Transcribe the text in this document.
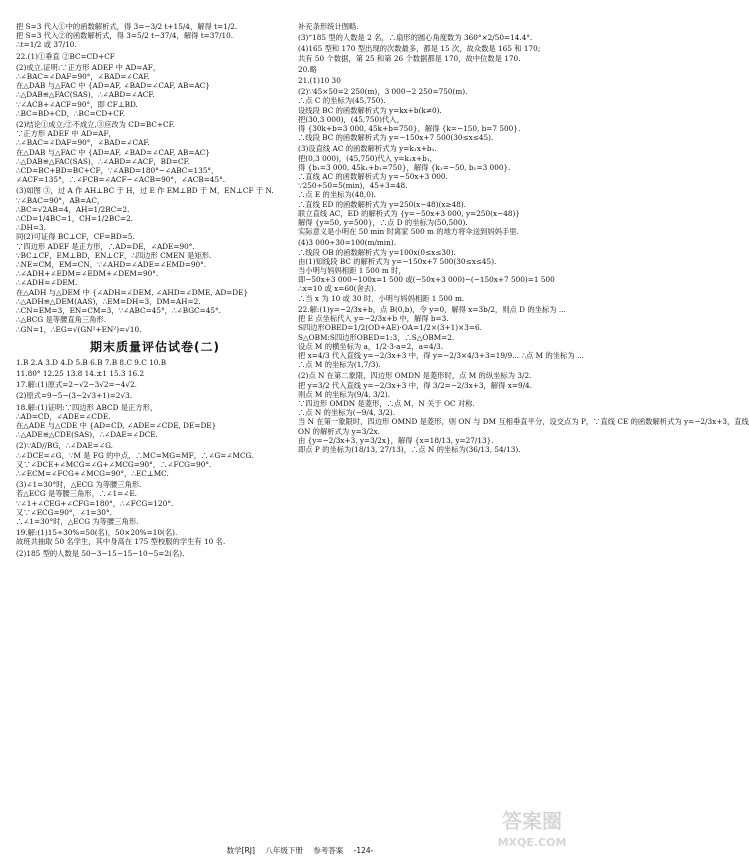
把 S=3 代入①中的函数解析式，得 3=−3/2 t+15/4，解得 t=1/2.
把 S=3 代入②的函数解析式，得 3=5/2 t−37/4，解得 t=37/10.
∴t=1/2 或 37/10.
22.(1)①垂直 ②BC=CD+CF
(2)成立.证明:∵正方形 ADEF 中 AD=AF，
∴∠BAC=∠DAF=90°，∠BAD=∠CAF.
在△DAB 与△FAC 中 {AD=AF, ∠BAD=∠CAF, AB=AC}
∴△DAB≌△FAC(SAS)，∴∠ABD=∠ACF.
∵∠ACB+∠ACF=90°，即 CF⊥BD.
∴BC=BD+CD，∴BC=CD+CF.
(2)结论①成立;②不成立,③应改为 CD=BC+CF.
∵正方形 ADEF 中 AD=AF，
∴∠BAC=∠DAF=90°，∠BAD=∠CAF.
在△DAB 与△FAC 中 {AD=AF, ∠BAD=∠CAF, AB=AC}
∴△DAB≌△FAC(SAS)，∴∠ABD=∠ACF，BD=CF.
∴CD=BC+BD=BC+CF，∵∠ABD=180°−∠ABC=135°，
∠ACF=135°，∴∠FCB=∠ACF−∠ACB=90°，∠ACB=45°.
(3)如图 ③，过 A 作 AH⊥BC 于 H，过 E 作 EM⊥BD 于 M，EN⊥CF 于 N.
∵∠BAC=90°，AB=AC，
∴BC=√2AB=4，AH=1/2BC=2.
∴CD=1/4BC=1，CH=1/2BC=2.
∴DH=3.
同(2)可证得 BC⊥CF，CF=BD=5.
∵四边形 ADEF 是正方形，∴AD=DE，∠ADE=90°.
∵BC⊥CF，EM⊥BD，EN⊥CF，∴四边形 CMEN 是矩形.
∴NE=CM，EM=CN，∵∠AHD=∠ADE=∠EMD=90°.
∴∠ADH+∠EDM=∠EDM+∠DEM=90°.
∴∠ADH=∠DEM.
在△ADH 与△DEM 中 {∠ADH=∠DEM, ∠AHD=∠DME, AD=DE}
∴△ADH≌△DEM(AAS)，∴EM=DH=3，DM=AH=2.
∴CN=EM=3，EN=CM=3，∵∠ABC=45°，∴∠BGC=45°.
∴△BCG 是等腰直角三角形.
∴GN=1，∴EG=√(GN²+EN²)=√10.
期末质量评估试卷(二)
1.B 2.A 3.D 4.D 5.B 6.B 7.B 8.C 9.C 10.B
11.80° 12.25 13.8 14.±1 15.3 16.2
17.解:(1)原式=2−√2−3√2=−4√2.
(2)原式=9−5−(3−2√3+1)=2√3.
18.解:(1)证明:∵四边形 ABCD 是正方形，
∴AD=CD，∠ADE=∠CDE.
在△ADE 与△CDE 中 {AD=CD, ∠ADE=∠CDE, DE=DE}
∴△ADE≌△CDE(SAS)，∴∠DAE=∠DCE.
(2)∵AD//BG，∴∠DAE=∠G.
∴∠DCE=∠G，∵M 是 FG 的中点，∴MC=MG=MF，∴∠G=∠MCG.
又∵∠DCE+∠MCG=∠G+∠MCG=90°，∴∠FCG=90°.
∴∠ECM=∠FCG+∠MCG=90°，∴EC⊥MC.
(3)∠1=30°时，△ECG 为等腰三角形.
若△ECG 是等腰三角形，∴∠1=∠E.
∵∠1+∠CEG+∠CFG=180°，∴∠FCG=120°.
又∵∠ECG=90°，∠1=30°.
∴∠1=30°时，△ECG 为等腰三角形.
19.解:(1)15÷30%=50(名)，50×20%=10(名).
故班共抽取 50 名学生，其中身高在 175 型校服的学生有 10 名.
(2)185 型的人数是 50−3−15−15−10−5=2(名).
补充条形统计图略.
(3)“185 型的人数是 2 名，∴扇形的圆心角度数为 360°×2/50=14.4°.
(4)165 型和 170 型出现的次数最多，都是 15 次，故众数是 165 和 170;
共有 50 个数据，第 25 和第 26 个数据都是 170，故中位数是 170.
20.略
21.(1)10 30
(2)∵45×50=2 250(m)，3 000−2 250=750(m).
∴点 C 的坐标为(45,750).
设线段 BC 的函数解析式为 y=kx+b(k≠0).
把(30,3 000)，(45,750)代入，
得 {30k+b=3 000, 45k+b=750}，解得 {k=−150, b=7 500}.
∴线段 BC 的函数解析式为 y=−150x+7 500(30≤x≤45).
(3)设直线 AC 的函数解析式为 y=k₁x+b₁.
把(0,3 000)，(45,750)代入 y=k₁x+b₁，
得 {b₁=3 000, 45k₁+b₁=750}，解得 {k₁=−50, b₁=3 000}.
∴直线 AC 的函数解析式为 y=−50x+3 000.
∵250÷50=5(min)，45+3=48.
∴点 E 的坐标为(48,0).
∴直线 ED 的函数解析式为 y=250(x−48)(x≥48).
联立直线 AC，ED 的解析式为 {y=−50x+3 000, y=250(x−48)}
解得 {y=50, y=500}，∴点 D 的坐标为(50,500).
实际意义是小明在 50 min 时离家 500 m 的地方将伞送到妈妈手里.
(4)3 000÷30=100(m/min).
∴线段 OB 的函数解析式为 y=100x(0≤x≤30).
由(1)知线段 BC 的解析式为 y=−150x+7 500(30≤x≤45).
当小明与妈妈相距 1 500 m 时，
即−50x+3 000−100x=1 500 或(−50x+3 000)−(−150x+7 500)=1 500
∴x=10 或 x=60(舍去).
∴当 x 为 10 或 30 时，小明与妈妈相距 1 500 m.
22.解:(1)y=−2/3x+b，点 B(0,b)，令 y=0，解得 x=3b/2，则点 D 的坐标为 ...
把 E 点坐标代入 y=−2/3x+b 中，解得 b=3.
S四边形OBED=1/2(OD+AE)·OA=1/2×(3+1)×3=6.
S△OBM:S四边形OBED=1:3，∴S△OBM=2.
设点 M 的横坐标为 a，1/2·3·a=2，a=4/3.
把 x=4/3 代入直线 y=−2/3x+3 中，得 y=−2/3×4/3+3=19/9... ∴点 M 的坐标为 ...
∴点 M 的坐标为(1,7/3).
(2)点 N 在第二象限，四边形 OMDN 是菱形时，点 M 的纵坐标为 3/2.
把 y=3/2 代入直线 y=−2/3x+3 中，得 3/2=−2/3x+3，解得 x=9/4.
则点 M 的坐标为(9/4, 3/2).
∵四边形 OMDN 是菱形，∴点 M，N 关于 OC 对称.
∴点 N 的坐标为(−9/4, 3/2).
当 N 在第一象限时，四边形 OMND 是菱形，则 ON 与 DM 互相垂直平分，设交点为 P，∵直线 CE 的函数解析式为 y=−2/3x+3，直线
ON 的解析式为 y=3/2x.
由 {y=−2/3x+3, y=3/2x}，解得 {x=18/13, y=27/13}.
即点 P 的坐标为(18/13, 27/13)，∴点 N 的坐标为(36/13, 54/13).
数学[RJ] 八年级下册 参考答案 -124-
答案圈
MXQE.COM
